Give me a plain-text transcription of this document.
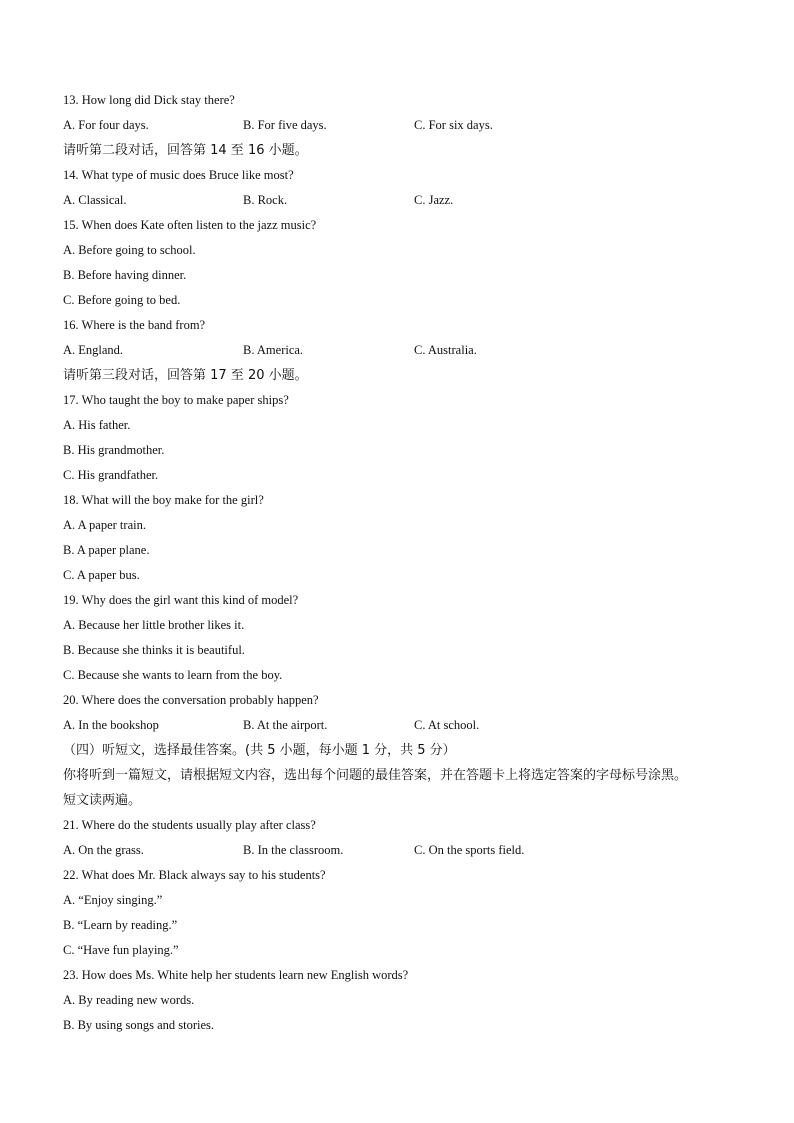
13. How long did Dick stay there?
A. For four days.	B. For five days.	C. For six days.
请听第二段对话，回答第 14 至 16 小题。
14. What type of music does Bruce like most?
A. Classical.	B. Rock.	C. Jazz.
15. When does Kate often listen to the jazz music?
A. Before going to school.
B. Before having dinner.
C. Before going to bed.
16. Where is the band from?
A. England.	B. America.	C. Australia.
请听第三段对话，回答第 17 至 20 小题。
17. Who taught the boy to make paper ships?
A. His father.
B. His grandmother.
C. His grandfather.
18. What will the boy make for the girl?
A. A paper train.
B. A paper plane.
C. A paper bus.
19. Why does the girl want this kind of model?
A. Because her little brother likes it.
B. Because she thinks it is beautiful.
C. Because she wants to learn from the boy.
20. Where does the conversation probably happen?
A. In the bookshop	B. At the airport.	C. At school.
（四）听短文，选择最佳答案。(共 5 小题，每小题 1 分，共 5 分）
你将听到一篇短文，请根据短文内容，选出每个问题的最佳答案，并在答题卡上将选定答案的字母标号涂黑。
短文读两遍。
21. Where do the students usually play after class?
A. On the grass.	B. In the classroom.	C. On the sports field.
22. What does Mr. Black always say to his students?
A. “Enjoy singing.”
B. “Learn by reading.”
C. “Have fun playing.”
23. How does Ms. White help her students learn new English words?
A. By reading new words.
B. By using songs and stories.
